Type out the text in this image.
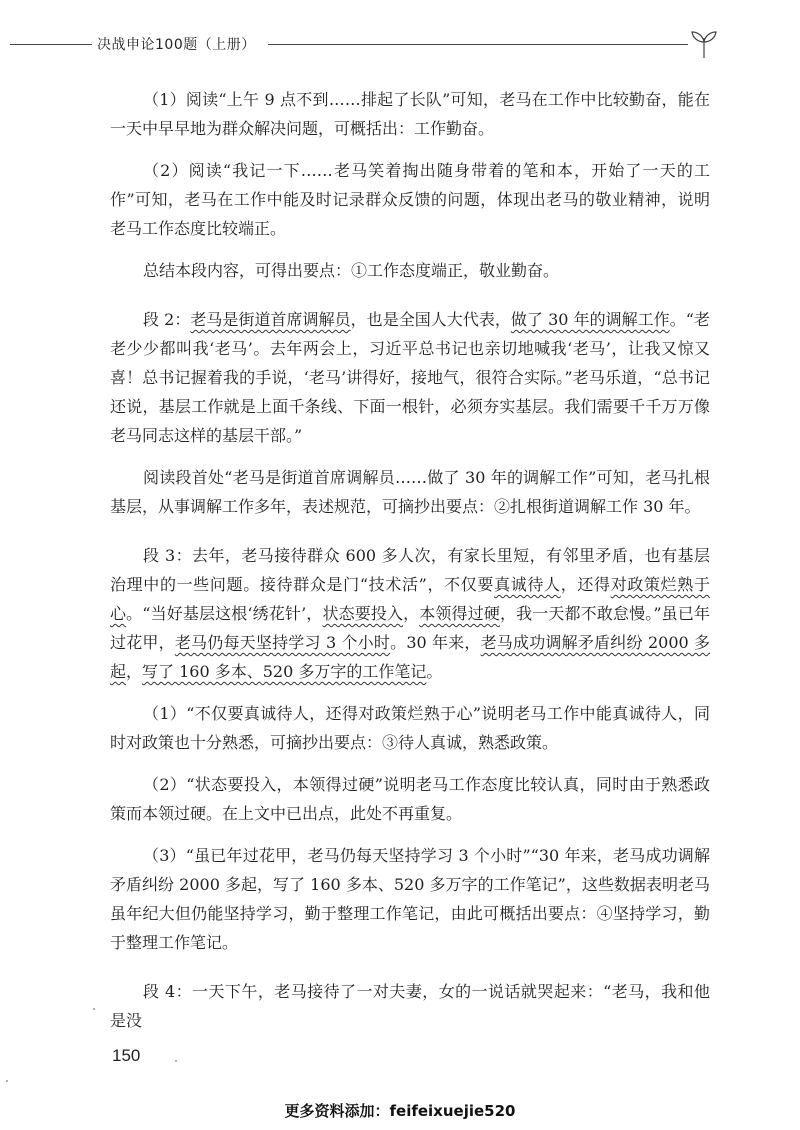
决战申论100题（上册）

（1）阅读“上午 9 点不到……排起了长队”可知，老马在工作中比较勤奋，能在一天中早早地为群众解决问题，可概括出：工作勤奋。

（2）阅读“我记一下……老马笑着掏出随身带着的笔和本，开始了一天的工作”可知，老马在工作中能及时记录群众反馈的问题，体现出老马的敬业精神，说明老马工作态度比较端正。

总结本段内容，可得出要点：①工作态度端正，敬业勤奋。

段 2：老马是街道首席调解员，也是全国人大代表，做了 30 年的调解工作。“老老少少都叫我‘老马’。去年两会上，习近平总书记也亲切地喊我‘老马’，让我又惊又喜！总书记握着我的手说，‘老马’讲得好，接地气，很符合实际。”老马乐道，“总书记还说，基层工作就是上面千条线、下面一根针，必须夯实基层。我们需要千千万万像老马同志这样的基层干部。”

阅读段首处“老马是街道首席调解员……做了 30 年的调解工作”可知，老马扎根基层，从事调解工作多年，表述规范，可摘抄出要点：②扎根街道调解工作 30 年。

段 3：去年，老马接待群众 600 多人次，有家长里短，有邻里矛盾，也有基层治理中的一些问题。接待群众是门“技术活”，不仅要真诚待人，还得对政策烂熟于心。“当好基层这根‘绣花针’，状态要投入，本领得过硬，我一天都不敢怠慢。”虽已年过花甲，老马仍每天坚持学习 3 个小时。30 年来，老马成功调解矛盾纠纷 2000 多起，写了 160 多本、520 多万字的工作笔记。

（1）“不仅要真诚待人，还得对政策烂熟于心”说明老马工作中能真诚待人，同时对政策也十分熟悉，可摘抄出要点：③待人真诚，熟悉政策。

（2）“状态要投入，本领得过硬”说明老马工作态度比较认真，同时由于熟悉政策而本领过硬。在上文中已出点，此处不再重复。

（3）“虽已年过花甲，老马仍每天坚持学习 3 个小时”“30 年来，老马成功调解矛盾纠纷 2000 多起，写了 160 多本、520 多万字的工作笔记”，这些数据表明老马虽年纪大但仍能坚持学习，勤于整理工作笔记，由此可概括出要点：④坚持学习，勤于整理工作笔记。

段 4：一天下午，老马接待了一对夫妻，女的一说话就哭起来：“老马，我和他是没

150
更多资料添加：feifeixuejie520
